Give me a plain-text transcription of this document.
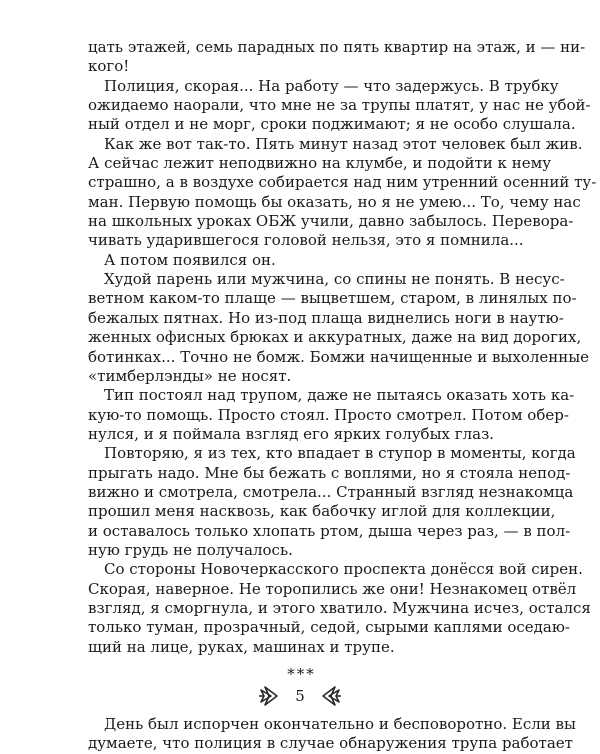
цать этажей, семь парадных по пять квартир на этаж, и — ни-
кого!
Полиция, скорая... На работу — что задержусь. В трубку
ожидаемо наорали, что мне не за трупы платят, у нас не убой-
ный отдел и не морг, сроки поджимают; я не особо слушала.
Как же вот так-то. Пять минут назад этот человек был жив.
А сейчас лежит неподвижно на клумбе, и подойти к нему
страшно, а в воздухе собирается над ним утренний осенний ту-
ман. Первую помощь бы оказать, но я не умею... То, чему нас
на школьных уроках ОБЖ учили, давно забылось. Перевора-
чивать ударившегося головой нельзя, это я помнила...
А потом появился он.
Худой парень или мужчина, со спины не понять. В несус-
ветном каком-то плаще — выцветшем, старом, в линялых по-
бежалых пятнах. Но из-под плаща виднелись ноги в наутю-
женных офисных брюках и аккуратных, даже на вид дорогих,
ботинках... Точно не бомж. Бомжи начищенные и выхоленные
«тимберлэнды» не носят.
Тип постоял над трупом, даже не пытаясь оказать хоть ка-
кую-то помощь. Просто стоял. Просто смотрел. Потом обер-
нулся, и я поймала взгляд его ярких голубых глаз.
Повторяю, я из тех, кто впадает в ступор в моменты, когда
прыгать надо. Мне бы бежать с воплями, но я стояла непод-
вижно и смотрела, смотрела... Странный взгляд незнакомца
прошил меня насквозь, как бабочку иглой для коллекции,
и оставалось только хлопать ртом, дыша через раз, — в пол-
ную грудь не получалось.
Со стороны Новочеркасского проспекта донёсся вой сирен.
Скорая, наверное. Не торопились же они! Незнакомец отвёл
взгляд, я сморгнула, и этого хватило. Мужчина исчез, остался
только туман, прозрачный, седой, сырыми каплями оседаю-
щий на лице, руках, машинах и трупе.
***
День был испорчен окончательно и бесповоротно. Если вы
думаете, что полиция в случае обнаружения трупа работает
5
